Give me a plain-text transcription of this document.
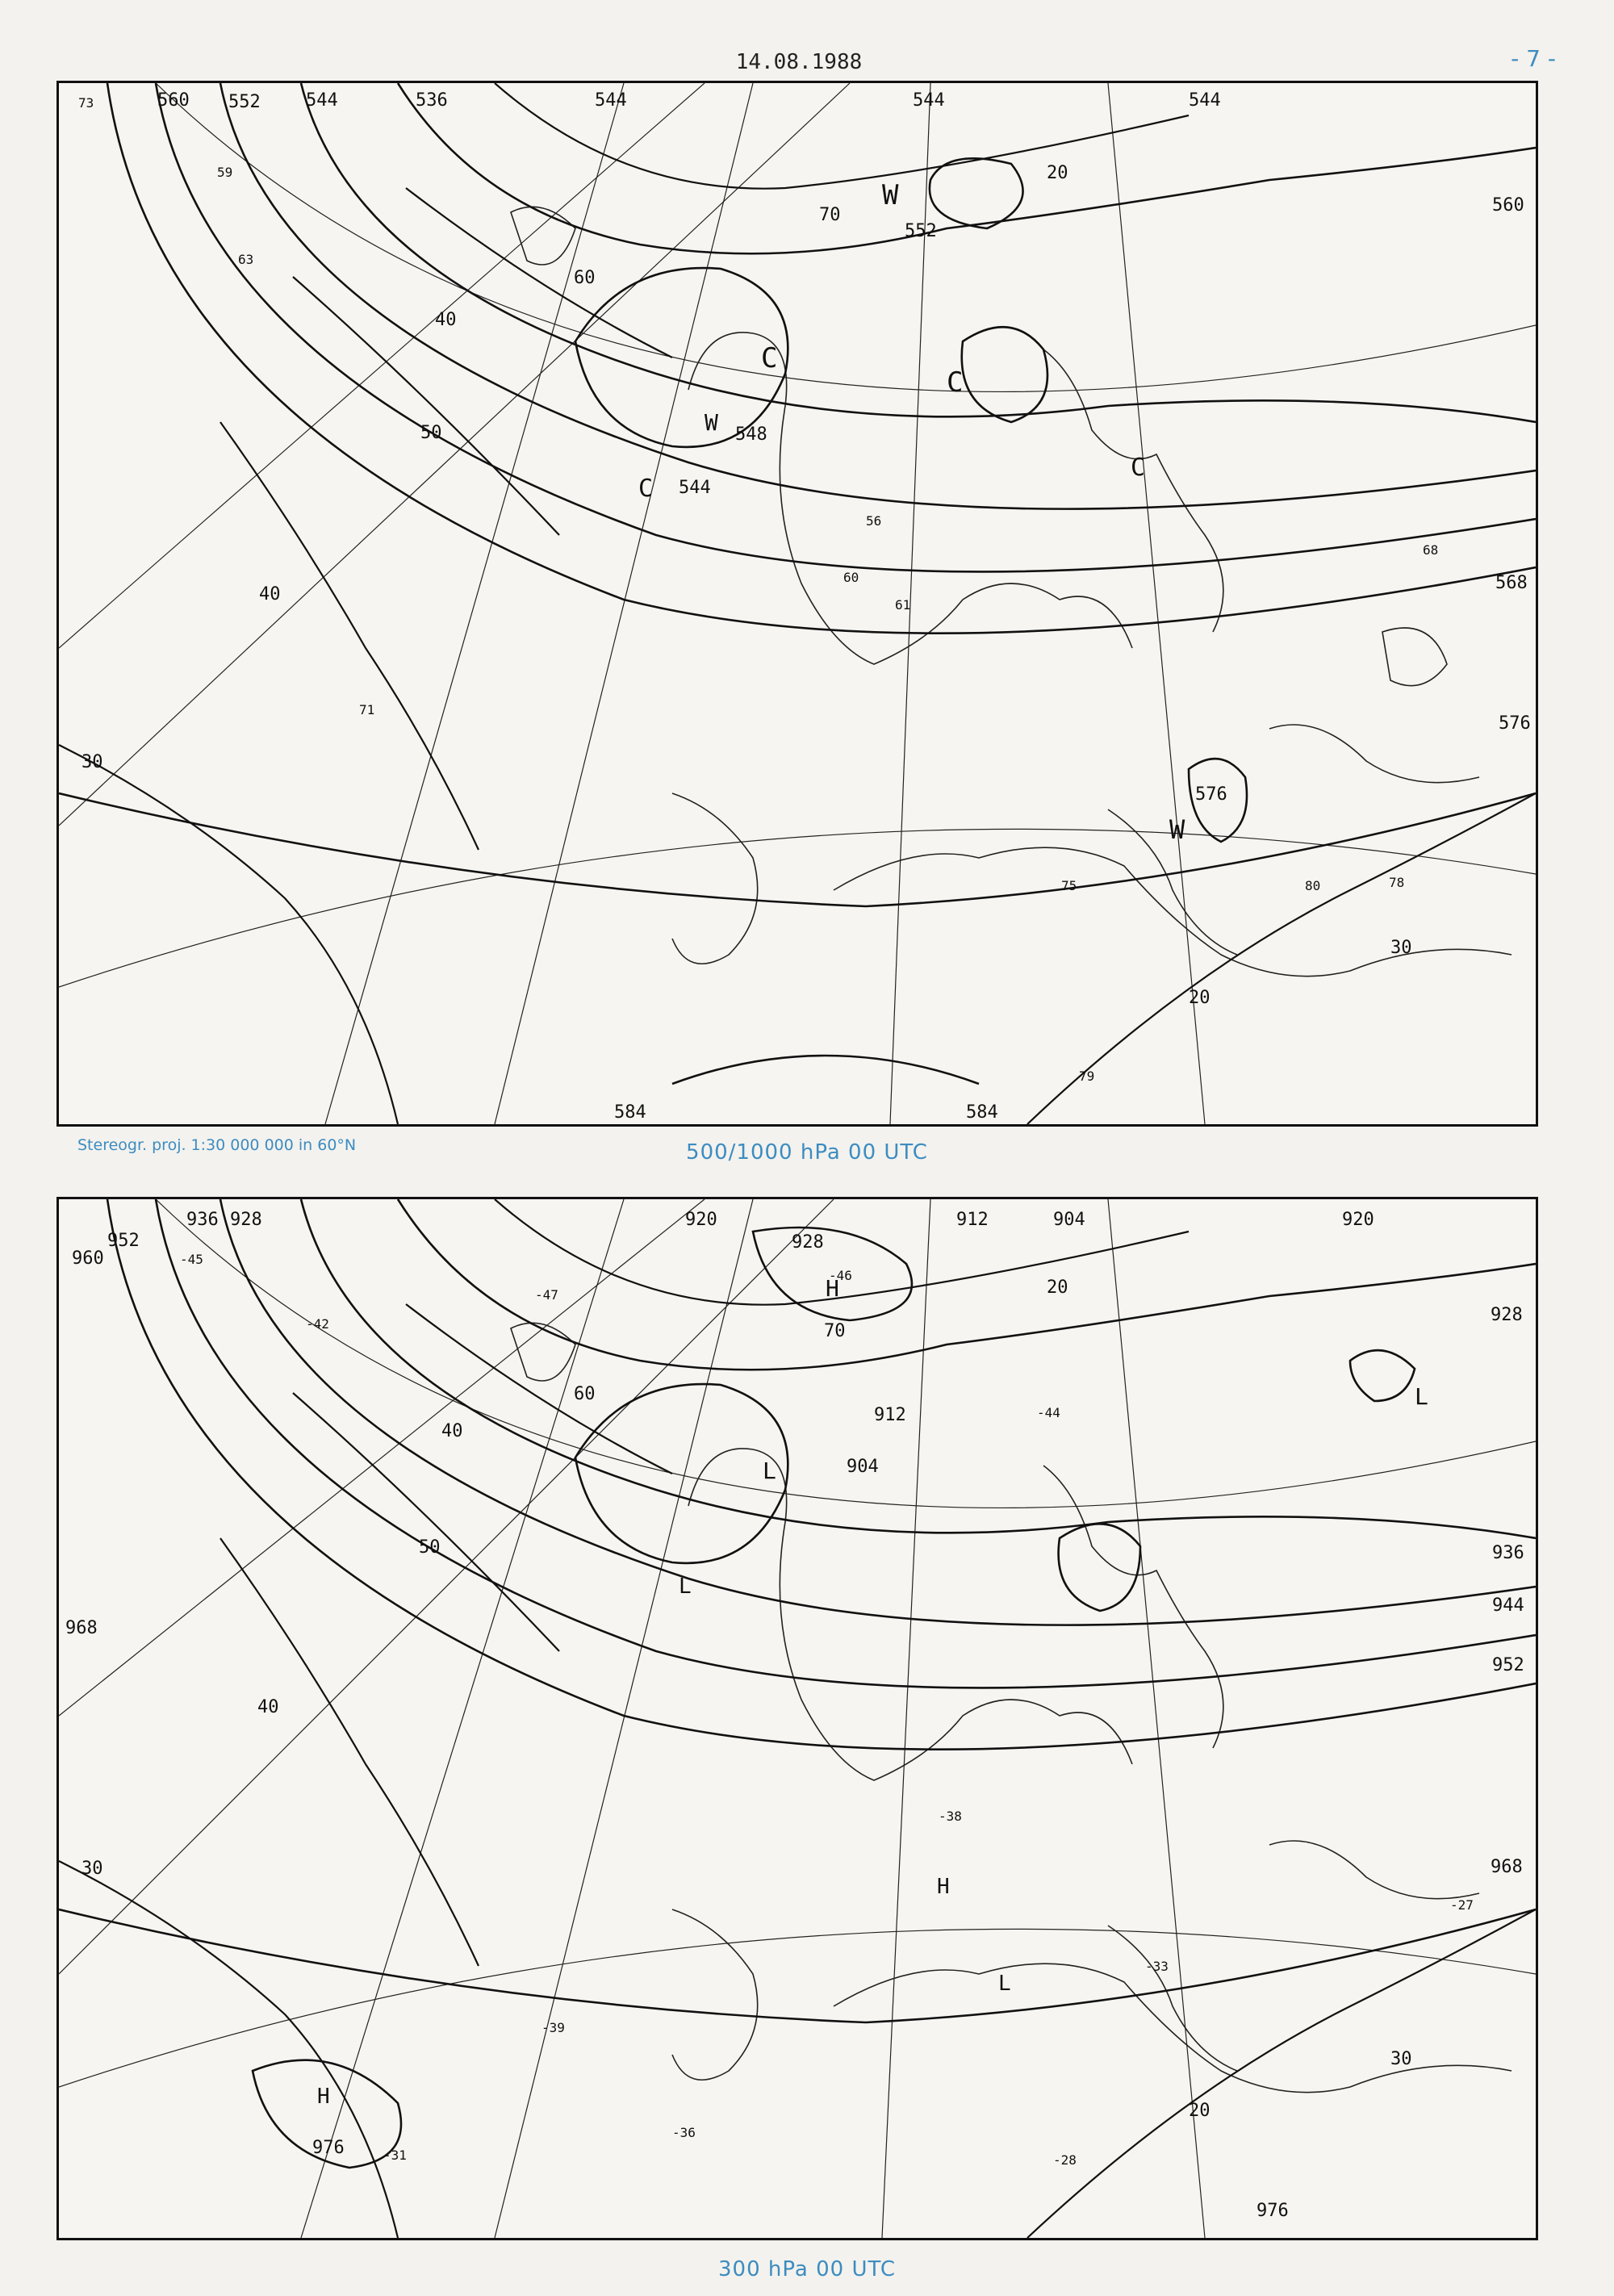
14.08.1988	- 7 -
560 552	544	536	544	544	544
552
560
548
544
568
576
576
584	584
70
60
50
40
40
30
30
20
20
W
C
C
W
C
C
W
73
59
63
71
78
80
79
75
68
61
60
56
Stereogr. proj. 1:30 000 000 in 60°N	500/1000 hPa 00 UTC
936 928	920	912	904
960
952
920
928
912
904
928
936
944
952
968
968
976
976
70
60
50
40
40
30
30
20
20
H
L
L
L
H
L
H
-45
-47
-42
-39
-36
-33
-31	-28
-27
-38
-44
-46
300 hPa 00 UTC
